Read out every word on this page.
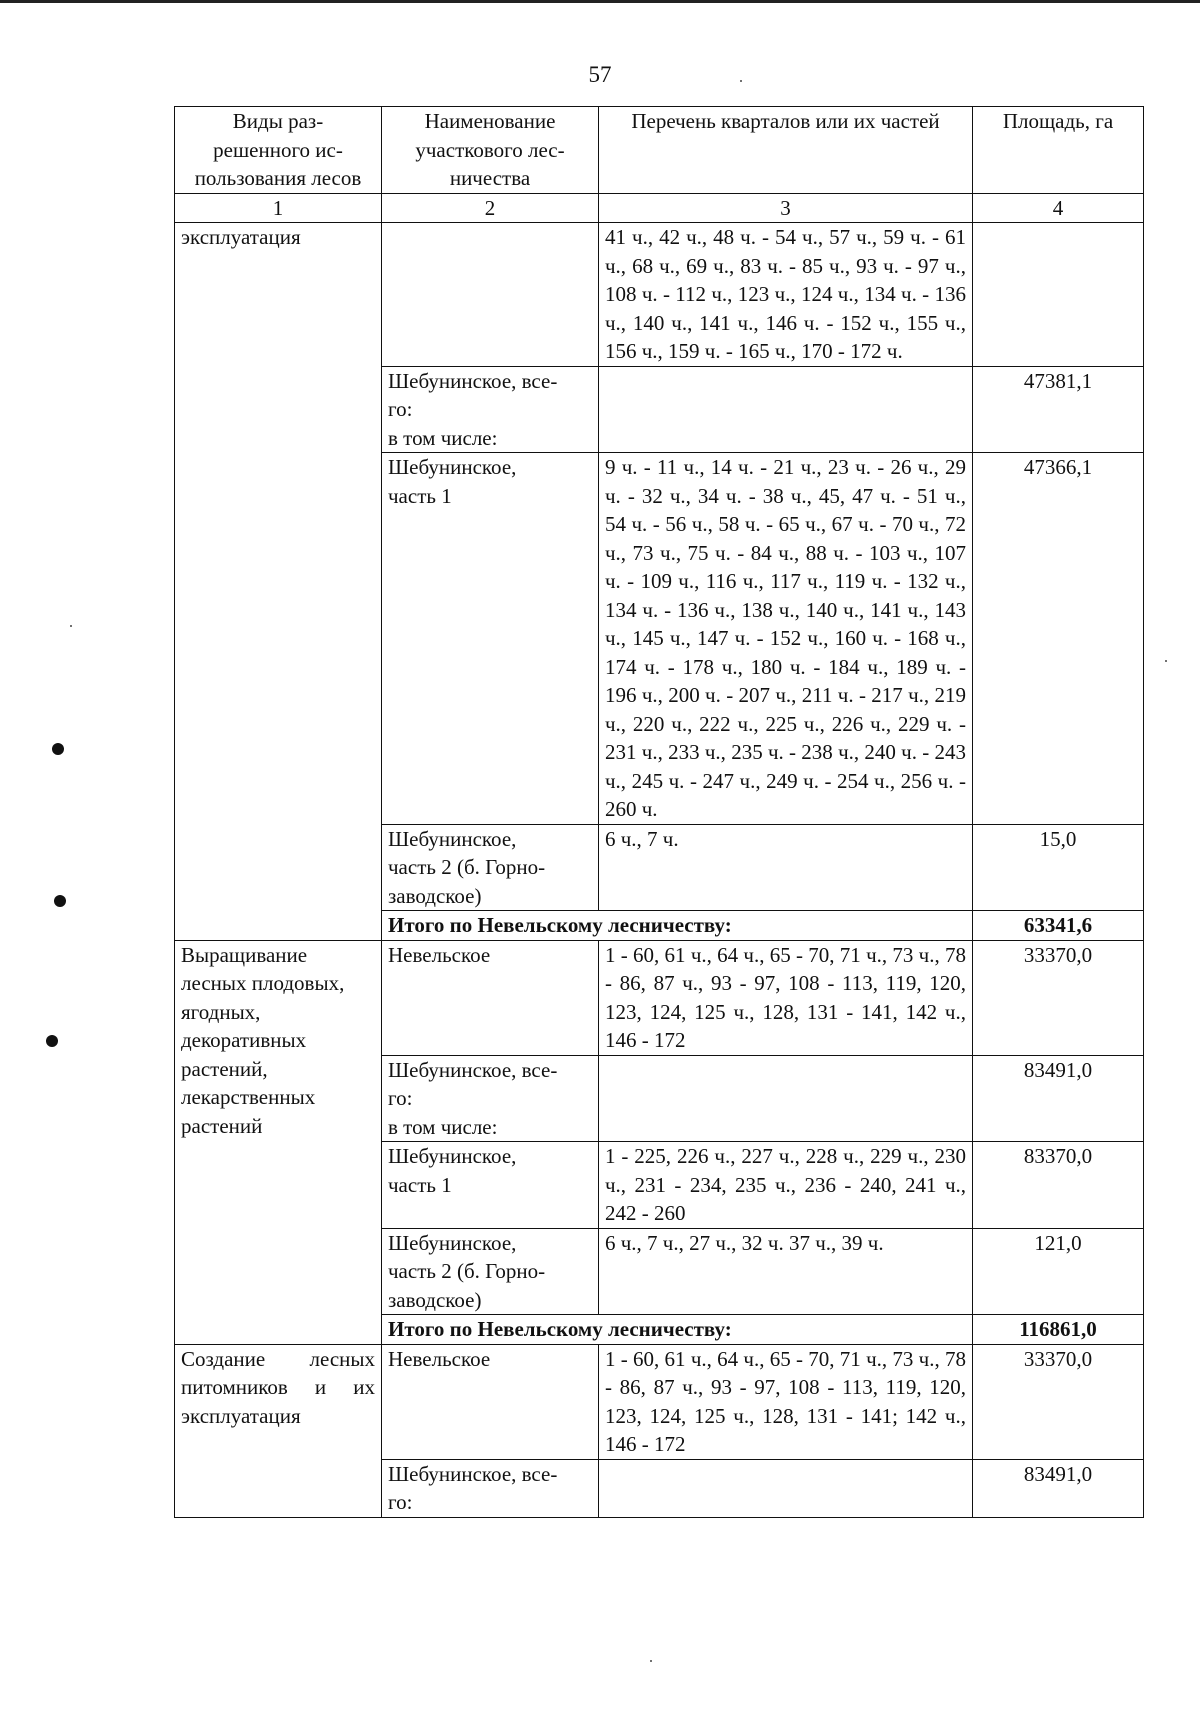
57
Виды раз-
решенного ис-
пользования лесов	Наименование
участкового лес-
ничества	Перечень кварталов или их частей	Площадь, га
1	2	3	4
эксплуатация		41 ч., 42 ч., 48 ч. - 54 ч., 57 ч., 59 ч. - 61 ч., 68 ч., 69 ч., 83 ч. - 85 ч., 93 ч. - 97 ч., 108 ч. - 112 ч., 123 ч., 124 ч., 134 ч. - 136 ч., 140 ч., 141 ч., 146 ч. - 152 ч., 155 ч., 156 ч., 159 ч. - 165 ч., 170 - 172 ч.	
	Шебунинское, все-
го:
в том числе:		47381,1
	Шебунинское,
часть 1	9 ч. - 11 ч., 14 ч. - 21 ч., 23 ч. - 26 ч., 29 ч. - 32 ч., 34 ч. - 38 ч., 45, 47 ч. - 51 ч., 54 ч. - 56 ч., 58 ч. - 65 ч., 67 ч. - 70 ч., 72 ч., 73 ч., 75 ч. - 84 ч., 88 ч. - 103 ч., 107 ч. - 109 ч., 116 ч., 117 ч., 119 ч. - 132 ч., 134 ч. - 136 ч., 138 ч., 140 ч., 141 ч., 143 ч., 145 ч., 147 ч. - 152 ч., 160 ч. - 168 ч., 174 ч. - 178 ч., 180 ч. - 184 ч., 189 ч. - 196 ч., 200 ч. - 207 ч., 211 ч. - 217 ч., 219 ч., 220 ч., 222 ч., 225 ч., 226 ч., 229 ч. - 231 ч., 233 ч., 235 ч. - 238 ч., 240 ч. - 243 ч., 245 ч. - 247 ч., 249 ч. - 254 ч., 256 ч. - 260 ч.	47366,1
	Шебунинское,
часть 2 (б. Горно-
заводское)	6 ч., 7 ч.	15,0
	Итого по Невельскому лесничеству:		63341,6
Выращивание лесных плодовых, ягодных, декоративных растений, лекарственных растений	Невельское	1 - 60, 61 ч., 64 ч., 65 - 70, 71 ч., 73 ч., 78 - 86, 87 ч., 93 - 97, 108 - 113, 119, 120, 123, 124, 125 ч., 128, 131 - 141, 142 ч., 146 - 172	33370,0
	Шебунинское, все-
го:
в том числе:		83491,0
	Шебунинское,
часть 1	1 - 225, 226 ч., 227 ч., 228 ч., 229 ч., 230 ч., 231 - 234, 235 ч., 236 - 240, 241 ч., 242 - 260	83370,0
	Шебунинское,
часть 2 (б. Горно-
заводское)	6 ч., 7 ч., 27 ч., 32 ч. 37 ч., 39 ч.	121,0
	Итого по Невельскому лесничеству:		116861,0
Создание лесных питомников и их эксплуатация	Невельское	1 - 60, 61 ч., 64 ч., 65 - 70, 71 ч., 73 ч., 78 - 86, 87 ч., 93 - 97, 108 - 113, 119, 120, 123, 124, 125 ч., 128, 131 - 141; 142 ч., 146 - 172	33370,0
	Шебунинское, все-
го:		83491,0
